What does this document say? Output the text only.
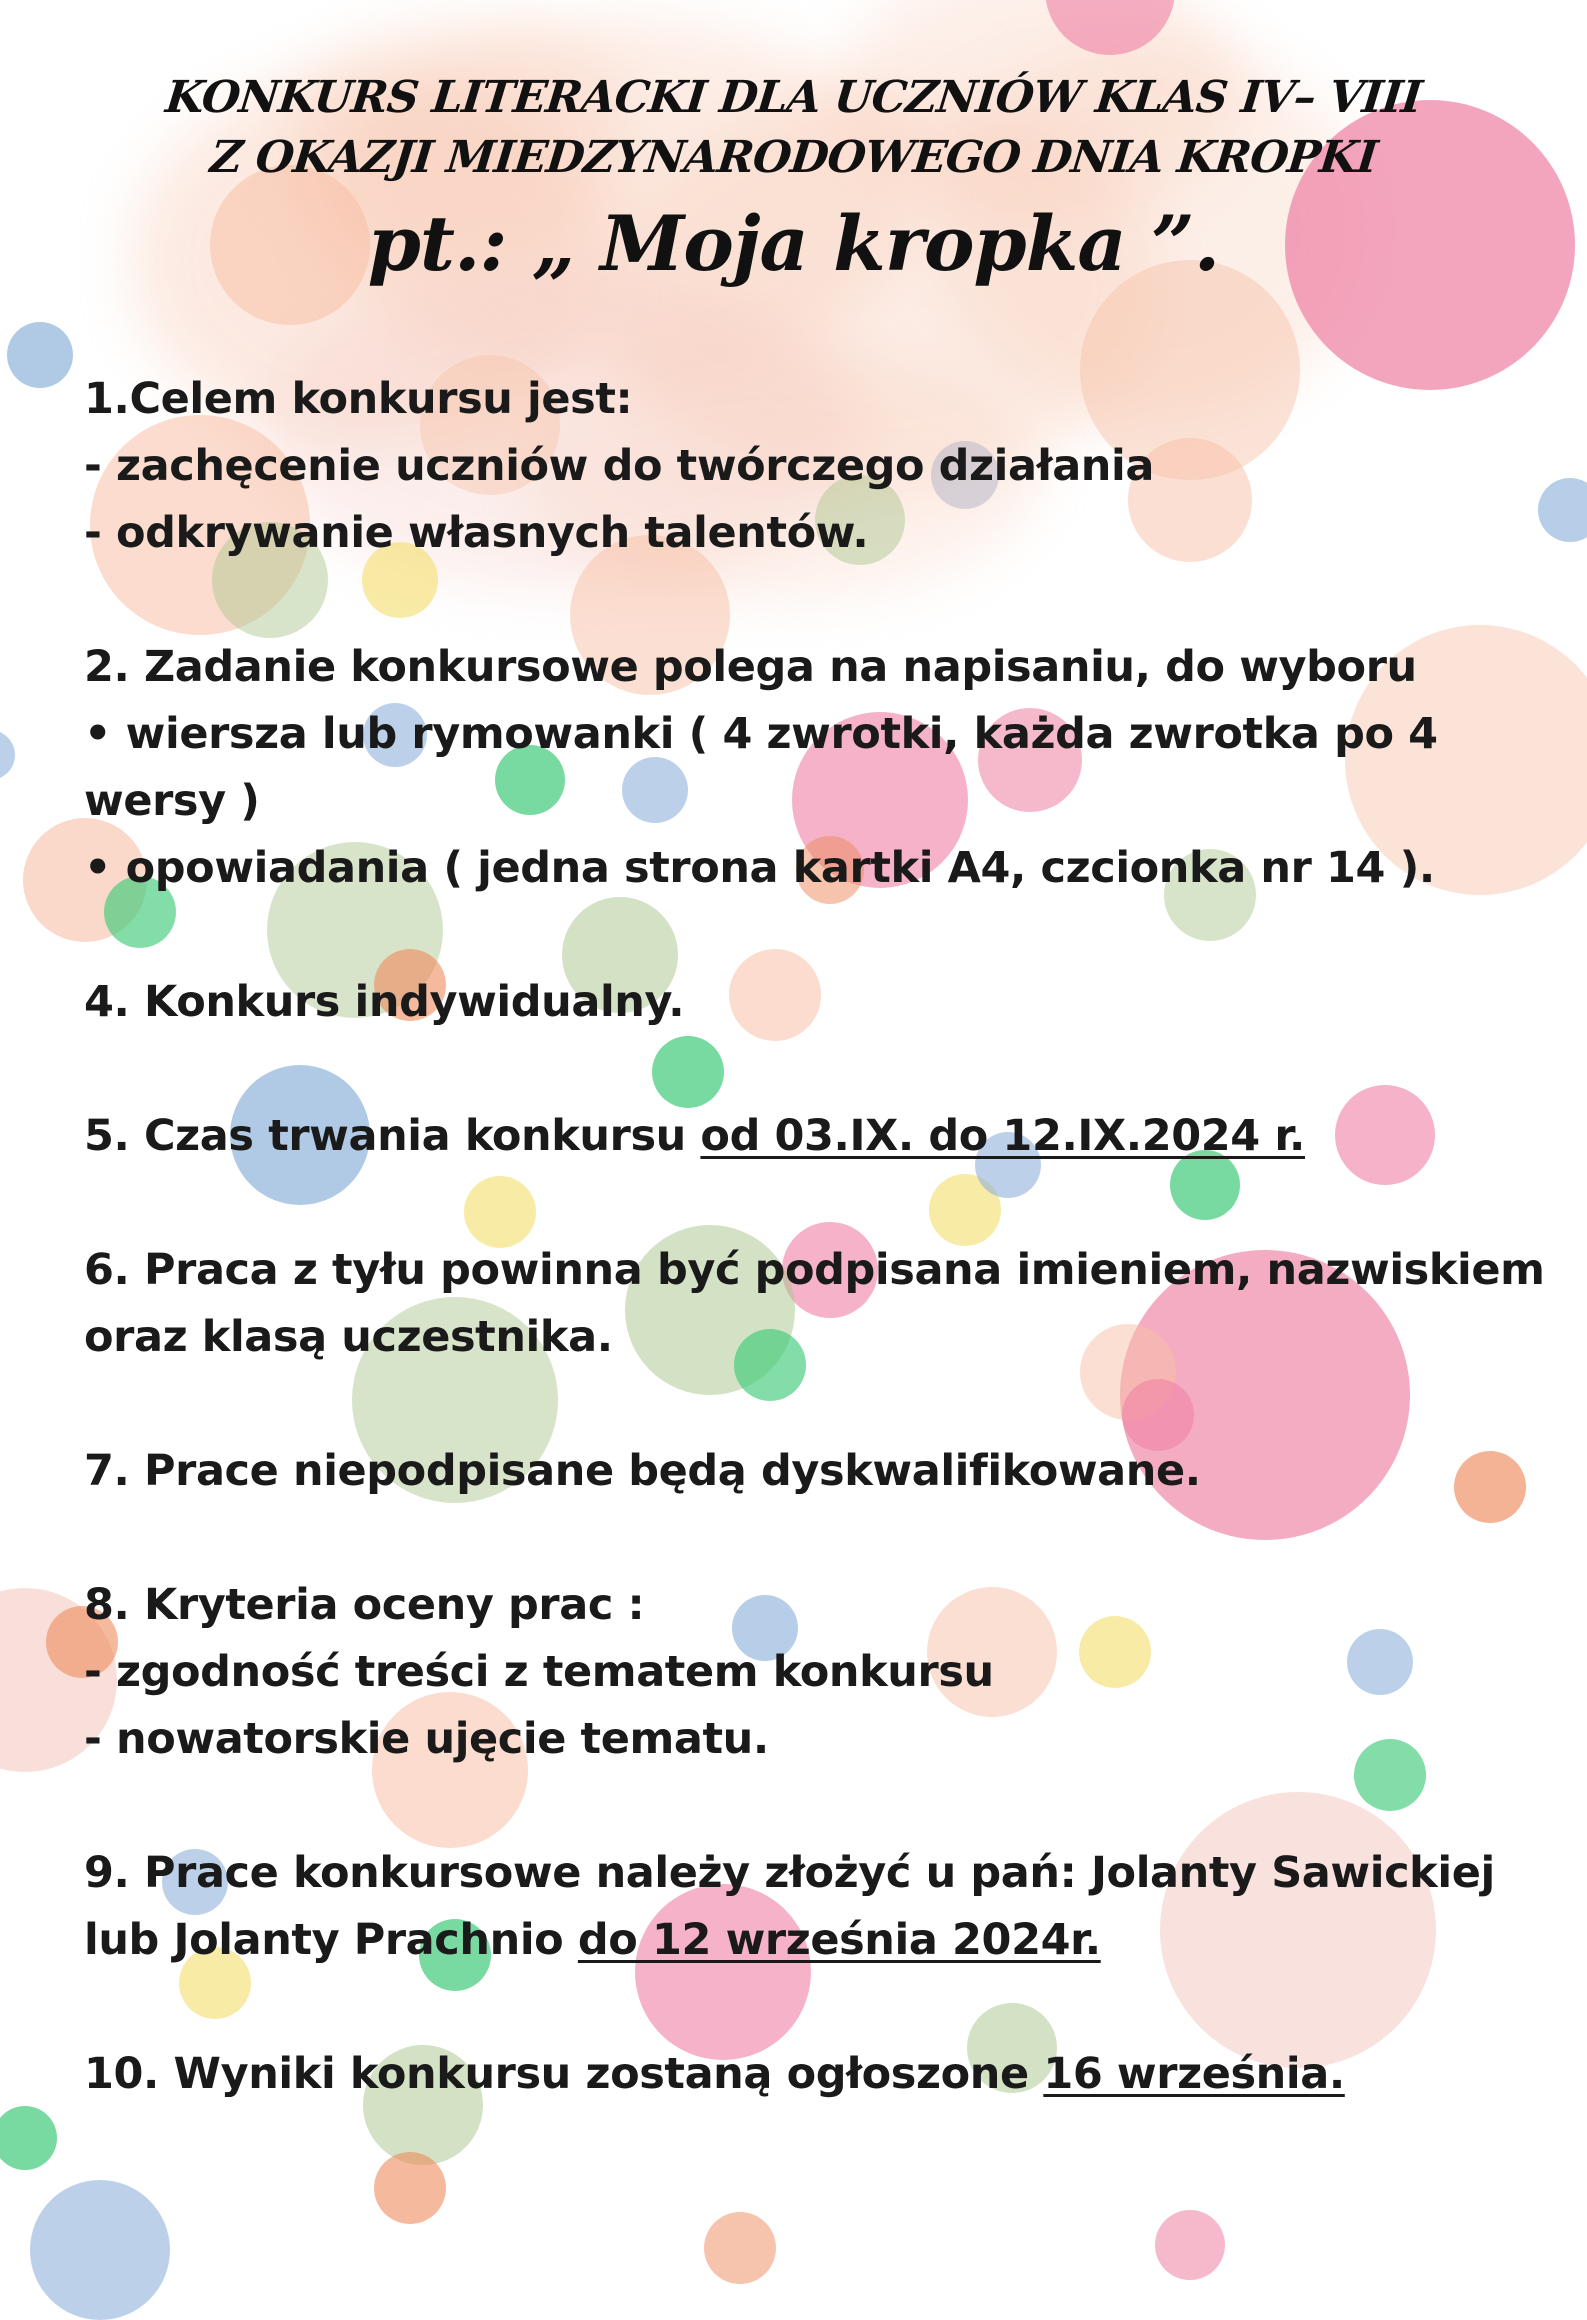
KONKURS LITERACKI DLA UCZNIÓW KLAS IV– VIII
Z OKAZJI MIEDZYNARODOWEGO DNIA KROPKI
pt.: „ Moja kropka ”.
1.Celem konkursu jest:
- zachęcenie uczniów do twórczego działania
- odkrywanie własnych talentów.
2. Zadanie konkursowe polega na napisaniu, do wyboru
• wiersza lub rymowanki ( 4 zwrotki, każda zwrotka po 4
wersy )
• opowiadania ( jedna strona kartki A4, czcionka nr 14 ).
4. Konkurs indywidualny.
5. Czas trwania konkursu od 03.IX. do 12.IX.2024 r.
6. Praca z tyłu powinna być podpisana imieniem, nazwiskiem
oraz klasą uczestnika.
7. Prace niepodpisane będą dyskwalifikowane.
8. Kryteria oceny prac :
- zgodność treści z tematem konkursu
- nowatorskie ujęcie tematu.
9. Prace konkursowe należy złożyć u pań: Jolanty Sawickiej
lub Jolanty Prachnio do 12 września 2024r.
10. Wyniki konkursu zostaną ogłoszone 16 września.
